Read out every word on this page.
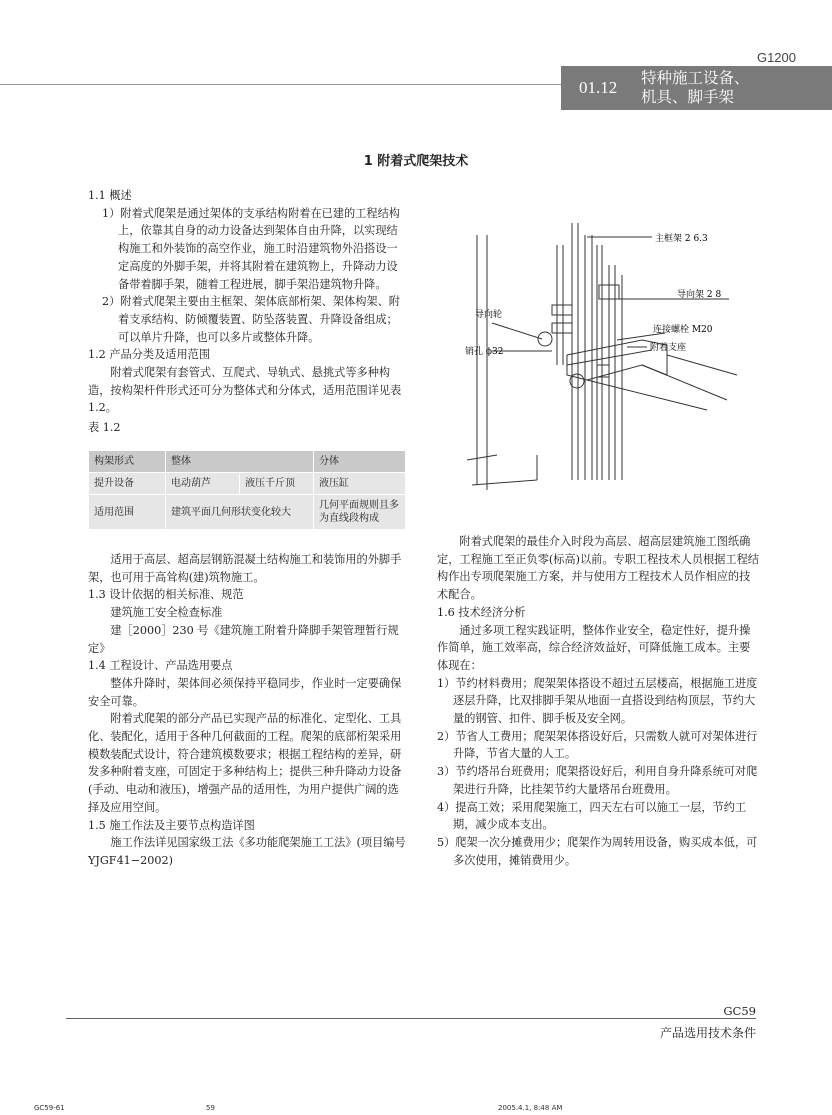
G1200
01.12 特种施工设备、
机具、脚手架
1 附着式爬架技术

1.1 概述

1）附着式爬架是通过架体的支承结构附着在已建的工程结构上，依靠其自身的动力设备达到架体自由升降，以实现结构施工和外装饰的高空作业，施工时沿建筑物外沿搭设一定高度的外脚手架，并将其附着在建筑物上，升降动力设备带着脚手架，随着工程进展，脚手架沿建筑物升降。

2）附着式爬架主要由主框架、架体底部桁架、架体构架、附着支承结构、防倾覆装置、防坠落装置、升降设备组成；可以单片升降，也可以多片或整体升降。

1.2 产品分类及适用范围

附着式爬架有套管式、互爬式、导轨式、悬挑式等多种构造，按构架杆件形式还可分为整体式和分体式，适用范围详见表 1.2。

表 1.2

构架形式	整体		分体
提升设备	电动葫芦	液压千斤顶	液压缸
适用范围	建筑平面几何形状变化较大		几何平面规则且多为直线段构成

适用于高层、超高层钢筋混凝土结构施工和装饰用的外脚手架，也可用于高耸构(建)筑物施工。

1.3 设计依据的相关标准、规范

建筑施工安全检查标准

建［2000］230 号《建筑施工附着升降脚手架管理暂行规定》

1.4 工程设计、产品选用要点

整体升降时，架体间必须保持平稳同步，作业时一定要确保安全可靠。

附着式爬架的部分产品已实现产品的标准化、定型化、工具化、装配化，适用于各种几何截面的工程。爬架的底部桁架采用模数装配式设计，符合建筑模数要求；根据工程结构的差异，研发多种附着支座，可固定于多种结构上；提供三种升降动力设备(手动、电动和液压)，增强产品的适用性，为用户提供广阔的选择及应用空间。

1.5 施工作法及主要节点构造详图

施工作法详见国家级工法《多功能爬架施工工法》(项目编号 YJGF41−2002)

主框架 2 6.3
导向架 2 8
导向轮
连接螺栓 M20
附着支座
销孔 ϕ32

附着式爬架的最佳介入时段为高层、超高层建筑施工图纸确定，工程施工至正负零(标高)以前。专职工程技术人员根据工程结构作出专项爬架施工方案，并与使用方工程技术人员作相应的技术配合。

1.6 技术经济分析

通过多项工程实践证明，整体作业安全，稳定性好，提升操作简单，施工效率高，综合经济效益好，可降低施工成本。主要体现在：

1）节约材料费用；爬架架体搭设不超过五层楼高，根据施工进度逐层升降，比双排脚手架从地面一直搭设到结构顶层，节约大量的钢管、扣件、脚手板及安全网。

2）节省人工费用；爬架架体搭设好后，只需数人就可对架体进行升降，节省大量的人工。

3）节约塔吊台班费用；爬架搭设好后，利用自身升降系统可对爬架进行升降，比挂架节约大量塔吊台班费用。

4）提高工效；采用爬架施工，四天左右可以施工一层，节约工期，减少成本支出。

5）爬架一次分摊费用少；爬架作为周转用设备，购买成本低，可多次使用，摊销费用少。

GC59
产品选用技术条件
GC59-61	59	2005.4.1, 8:48 AM
